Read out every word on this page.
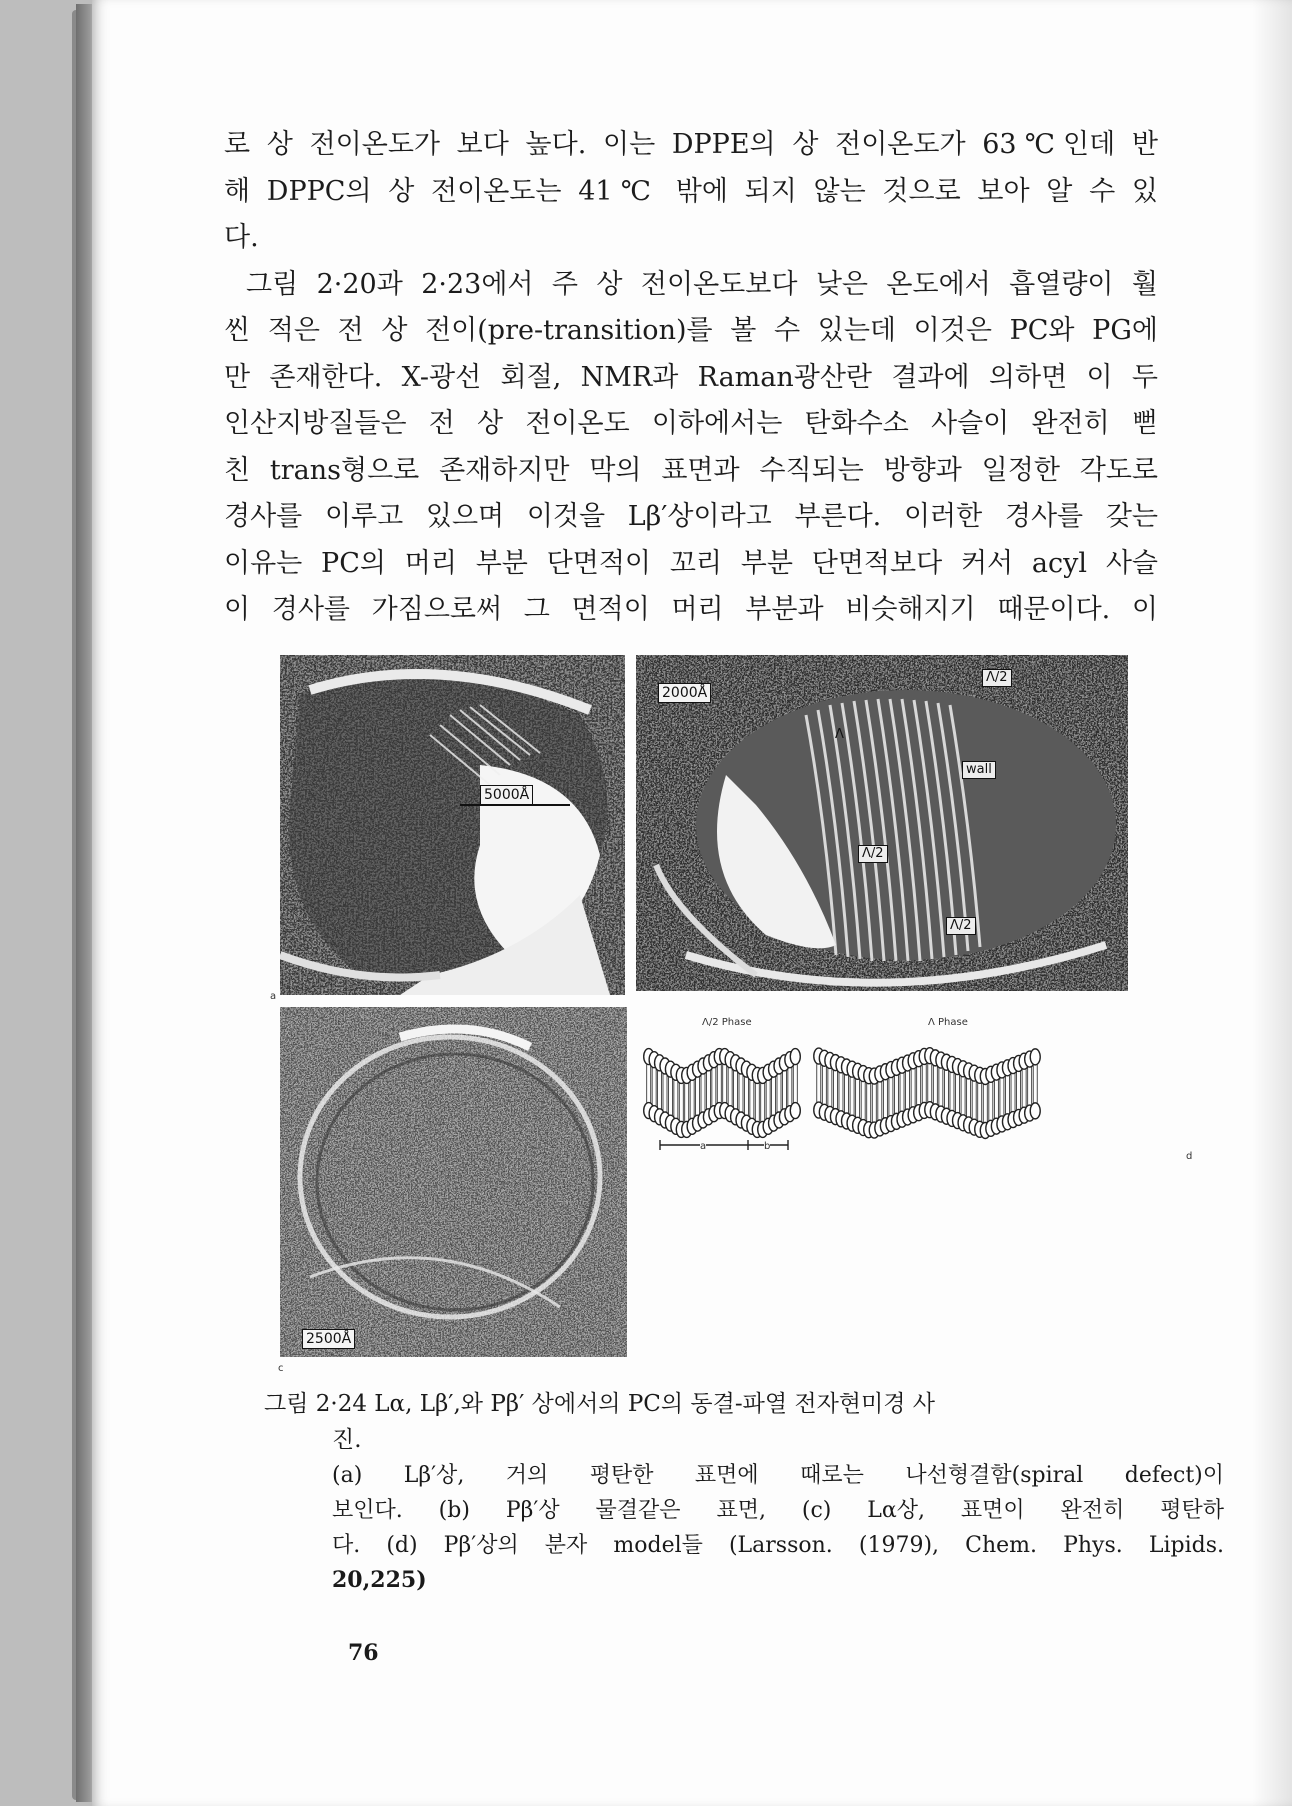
로 상 전이온도가 보다 높다. 이는 DPPE의 상 전이온도가 63℃인데 반
해 DPPC의 상 전이온도는 41℃ 밖에 되지 않는 것으로 보아 알 수 있
다.
그림 2·20과 2·23에서 주 상 전이온도보다 낮은 온도에서 흡열량이 훨
씬 적은 전 상 전이(pre-transition)를 볼 수 있는데 이것은 PC와 PG에
만 존재한다. X-광선 회절, NMR과 Raman광산란 결과에 의하면 이 두
인산지방질들은 전 상 전이온도 이하에서는 탄화수소 사슬이 완전히 뻗
친 trans형으로 존재하지만 막의 표면과 수직되는 방향과 일정한 각도로
경사를 이루고 있으며 이것을 Lβ′상이라고 부른다. 이러한 경사를 갖는
이유는 PC의 머리 부분 단면적이 꼬리 부분 단면적보다 커서 acyl 사슬
이 경사를 가짐으로써 그 면적이 머리 부분과 비슷해지기 때문이다. 이
5000Å
a
2000Å
Λ/2
wall
Λ/2
Λ/2
Λ
2500Å
c
Λ/2 Phase	Λ Phase
a	b
d
그림 2·24 Lα, Lβ′,와 Pβ′ 상에서의 PC의 동결-파열 전자현미경 사
진.
(a) Lβ′상, 거의 평탄한 표면에 때로는 나선형결함(spiral defect)이
보인다. (b) Pβ′상 물결같은 표면, (c) Lα상, 표면이 완전히 평탄하
다. (d) Pβ′상의 분자 model들 (Larsson. (1979), Chem. Phys. Lipids.
20,225)
76
